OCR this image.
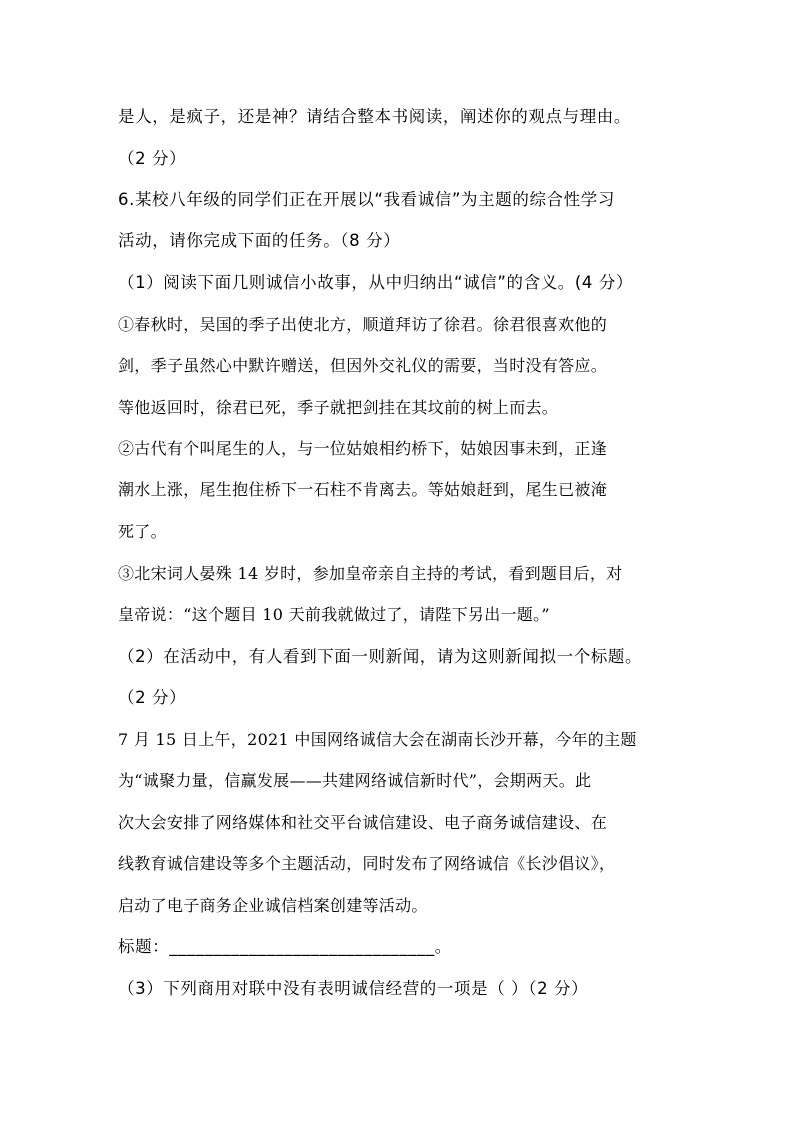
是人，是疯子，还是神？请结合整本书阅读，阐述你的观点与理由。
（2 分）
6.某校八年级的同学们正在开展以“我看诚信”为主题的综合性学习
活动，请你完成下面的任务。（8 分）
（1）阅读下面几则诚信小故事，从中归纳出“诚信”的含义。(4 分）
①春秋时，吴国的季子出使北方，顺道拜访了徐君。徐君很喜欢他的
剑，季子虽然心中默许赠送，但因外交礼仪的需要，当时没有答应。
等他返回时，徐君已死，季子就把剑挂在其坟前的树上而去。
②古代有个叫尾生的人，与一位姑娘相约桥下，姑娘因事未到，正逢
潮水上涨，尾生抱住桥下一石柱不肯离去。等姑娘赶到，尾生已被淹
死了。
③北宋词人晏殊 14 岁时，参加皇帝亲自主持的考试，看到题目后，对
皇帝说：“这个题目 10 天前我就做过了，请陛下另出一题。”
（2）在活动中，有人看到下面一则新闻，请为这则新闻拟一个标题。
（2 分）
7 月 15 日上午，2021 中国网络诚信大会在湖南长沙开幕，今年的主题
为“诚聚力量，信赢发展——共建网络诚信新时代”，会期两天。此
次大会安排了网络媒体和社交平台诚信建设、电子商务诚信建设、在
线教育诚信建设等多个主题活动，同时发布了网络诚信《长沙倡议》，
启动了电子商务企业诚信档案创建等活动。
标题：______________________________。
（3）下列商用对联中没有表明诚信经营的一项是（ ）（2 分）
